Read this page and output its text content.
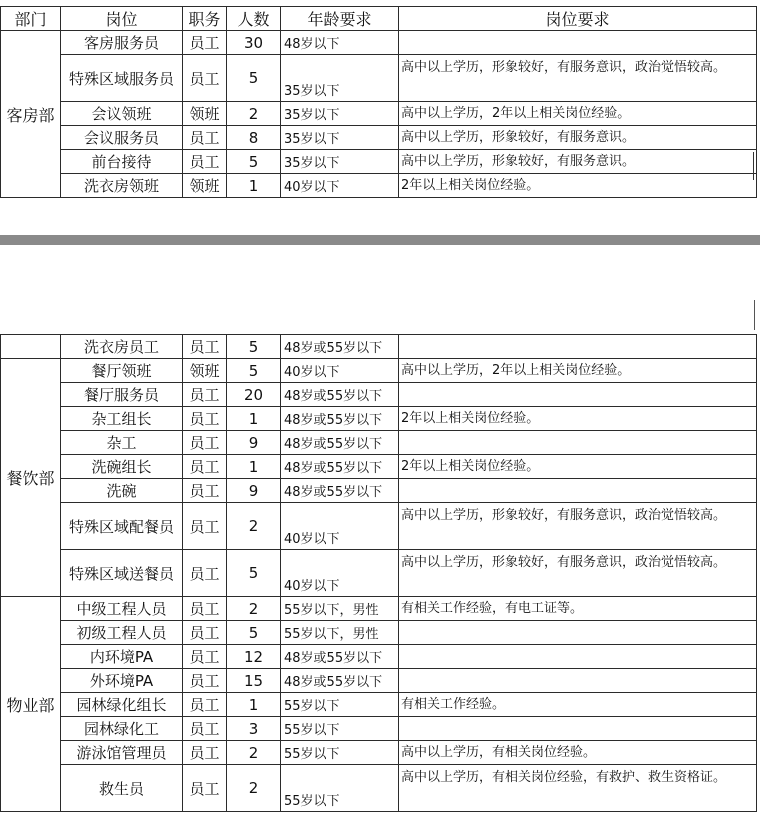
部门	岗位	职务	人数	年龄要求	岗位要求
客房部	客房服务员	员工	30	48岁以下	
	特殊区域服务员	员工	5	35岁以下	高中以上学历，形象较好，有服务意识，政治觉悟较高。
	会议领班	领班	2	35岁以下	高中以上学历，2年以上相关岗位经验。
	会议服务员	员工	8	35岁以下	高中以上学历，形象较好，有服务意识。
	前台接待	员工	5	35岁以下	高中以上学历，形象较好，有服务意识。
	洗衣房领班	领班	1	40岁以下	2年以上相关岗位经验。
	洗衣房员工	员工	5	48岁或55岁以下	
餐饮部	餐厅领班	领班	5	40岁以下	高中以上学历，2年以上相关岗位经验。
	餐厅服务员	员工	20	48岁或55岁以下	
	杂工组长	员工	1	48岁或55岁以下	2年以上相关岗位经验。
	杂工	员工	9	48岁或55岁以下	
	洗碗组长	员工	1	48岁或55岁以下	2年以上相关岗位经验。
	洗碗	员工	9	48岁或55岁以下	
	特殊区域配餐员	员工	2	40岁以下	高中以上学历，形象较好，有服务意识，政治觉悟较高。
	特殊区域送餐员	员工	5	40岁以下	高中以上学历，形象较好，有服务意识，政治觉悟较高。
物业部	中级工程人员	员工	2	55岁以下，男性	有相关工作经验，有电工证等。
	初级工程人员	员工	5	55岁以下，男性	
	内环境PA	员工	12	48岁或55岁以下	
	外环境PA	员工	15	48岁或55岁以下	
	园林绿化组长	员工	1	55岁以下	有相关工作经验。
	园林绿化工	员工	3	55岁以下	
	游泳馆管理员	员工	2	55岁以下	高中以上学历，有相关岗位经验。
	救生员	员工	2	55岁以下	高中以上学历，有相关岗位经验，有救护、救生资格证。
